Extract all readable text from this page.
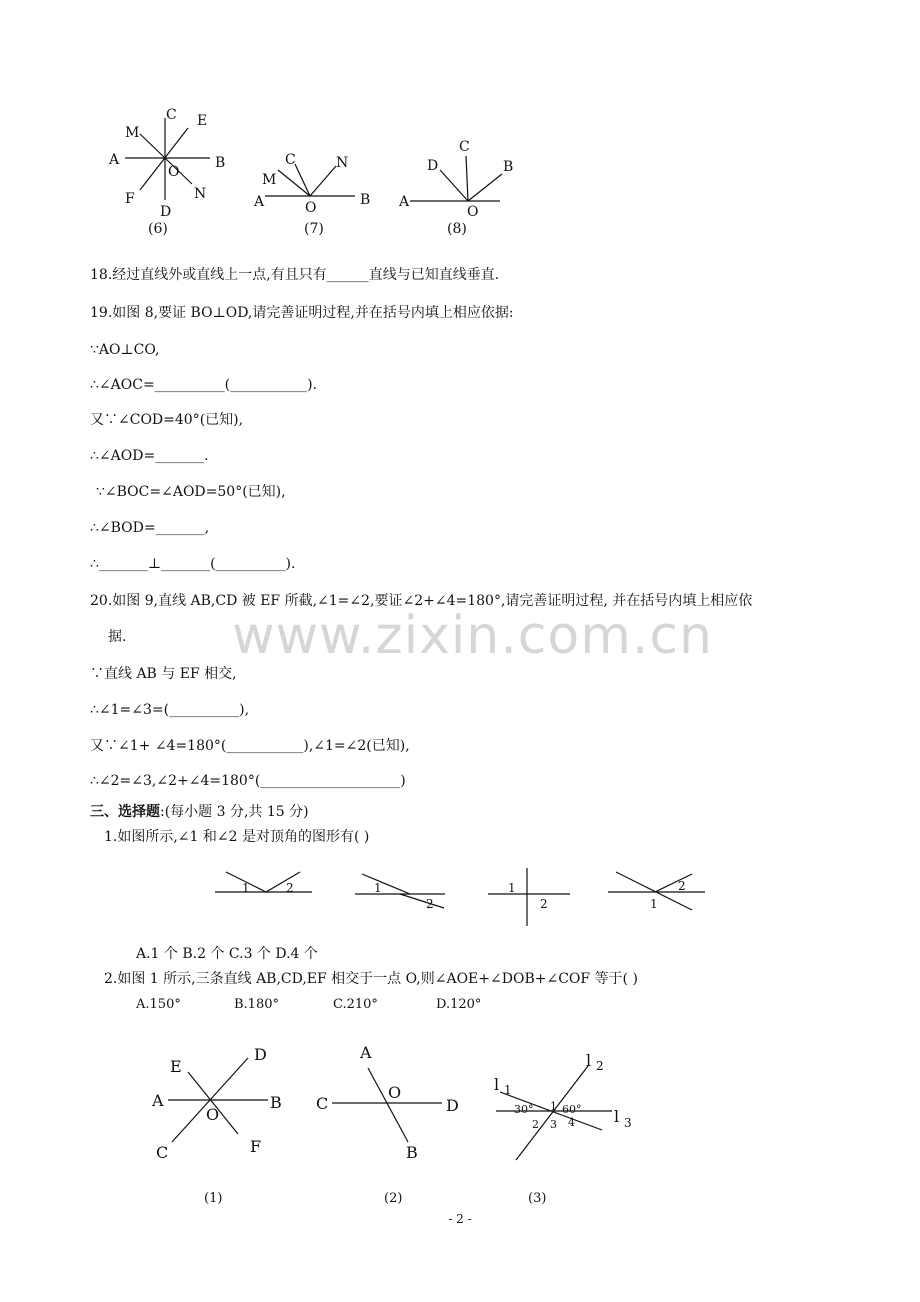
www.zixin.com.cn
C E
M
A	B
O
N
F
D
(6)
C	N
M
A	O	B
(7)
C
D	B
A
O
(8)
18.经过直线外或直线上一点,有且只有______直线与已知直线垂直.
19.如图 8,要证 BO⊥OD,请完善证明过程,并在括号内填上相应依据:
∵AO⊥CO,
∴∠AOC=__________(___________).
又∵∠COD=40°(已知),
∴∠AOD=_______.
∵∠BOC=∠AOD=50°(已知),
∴∠BOD=_______,
∴_______⊥_______(__________).
20.如图 9,直线 AB,CD 被 EF 所截,∠1=∠2,要证∠2+∠4=180°,请完善证明过程, 并在括号内填上相应依
据.
∵直线 AB 与 EF 相交,
∴∠1=∠3=(__________),
又∵∠1+ ∠4=180°(___________),∠1=∠2(已知),
∴∠2=∠3,∠2+∠4=180°(____________________)
三、选择题:(每小题 3 分,共 15 分)
1.如图所示,∠1 和∠2 是对顶角的图形有( )
1	2	1
2
1
2
2
1
A.1 个 B.2 个 C.3 个 D.4 个
2.如图 1 所示,三条直线 AB,CD,EF 相交于一点 O,则∠AOE+∠DOB+∠COF 等于( )
A.150°	B.180°	C.210°	D.120°
E
D
A	B
O
F
C
(1)
A
O
C	D
B
(2)
l 2
l 1
l 3
30°	60°
1
2 3 4
(3)
- 2 -
